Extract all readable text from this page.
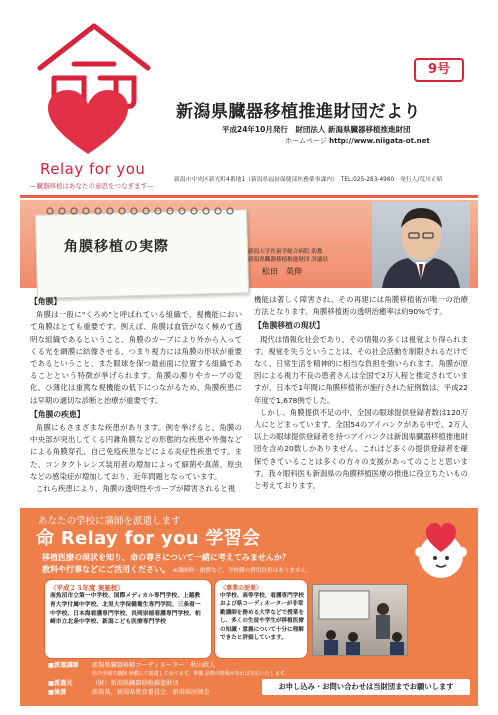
Relay for you
—臓器移植はあなたの意思をつなぎます—
9号
新潟県臓器移植推進財団だより
平成24年10月発行　財団法人 新潟県臓器移植推進財団
ホームページ http://www.niigata-ot.net
新潟市中央区新光町4番地1（新潟県福祉保健部医務薬事課内）　TEL:025-283-4980　発行人/荒川正昭
角膜移植の実際	新潟大学医歯学総合病院 助教
新潟県臓器移植推進財団 評議員
松田　英伸
【角膜】

角膜は一般に"くろめ"と呼ばれている組織で、視機能において角膜はとても重要です。例えば、角膜は血管がなく極めて透明な組織であるということ、角膜のカーブにより外から入ってくる光を網膜に結像させる、つまり視力には角膜の形状が重要であるということ、また眼球を保つ最前面に位置する組織であることという特徴が挙げられます。角膜の濁りやカーブの変化、ひ薄化は重篤な視機能の低下につながるため、角膜疾患には早期の適切な診断と治療が重要です。

【角膜の疾患】

角膜にもさまざまな疾患があります。例を挙げると、角膜の中央部が突出してくる円錐角膜などの形態的な疾患や外傷などによる角膜穿孔、自己免疫疾患などによる炎症性疾患です。また、コンタクトレンズ装用者の増加によって細菌や真菌、原虫などの感染症が増加しており、近年問題となっています。

これら疾患により、角膜の透明性やカーブが障害されると視

機能は著しく障害され、その再建には角膜移植術が唯一の治療方法となります。角膜移植術の透明治癒率は約90%です。

【角膜移植の現状】

現代は情報化社会であり、その情報の多くは視覚より得られます。視覚を失うということは、その社会活動を制限されるだけでなく、日常生活を精神的に相当な負担を強いられます。角膜が原因による視力不良の患者さんは全国で2万人程と推定されていますが、日本で1年間に角膜移植術が施行された症例数は、平成22年度で1,678例でした。

しかし、角膜提供不足の中、全国の眼球提供登録者数は120万人にとどまっています。全国54のアイバンクがある中で、2万人以上の眼球提供登録者を持つアイバンクは新潟県臓器移植推進財団を含め20数しかありません。これほど多くの提供登録者を確保できていることは多くの方々の支援があってのことと思います。我々眼科医も新潟県の角膜移植医療の推進に役立ちたいものと考えております。

あなたの学校に講師を派遣します
命 Relay for you 学習会
移植医療の現状を知り、命の尊さについて一緒に考えてみませんか？
教科や行事などにご活用ください。 ※講師料・旅費など、学校側の費用負担はありません。
〈平成２３年度 実施校〉
南魚沼市立第一中学校、国際メディカル専門学校、上越教育大学付属中学校、北里大学保健衛生専門学院、三条看一中学校、日本海看護専門学校、長岡崇徳看護専門学校、柏崎市立北条中学校、新潟こども医療専門学校
〈事業の効果〉
中学校、高等学校、看護専門学校および県コーディネーターが非常勤講師を務める大学などで授業をし、多くの生徒や学生が移植医療の知識・意義について十分に理解できたと評価しています。
■派遣講師 新潟県臓器移植コーディネーター　秋山政人
県内全域で講師 無償にて派遣しております。準備 品物の情報があれば対応いたします。
■派遣元	（財）新潟県臓器移植推進財団
■後援	新潟県、新潟県教育委員会、新潟県医師会
お申し込み・お問い合わせは当財団までお願いします
